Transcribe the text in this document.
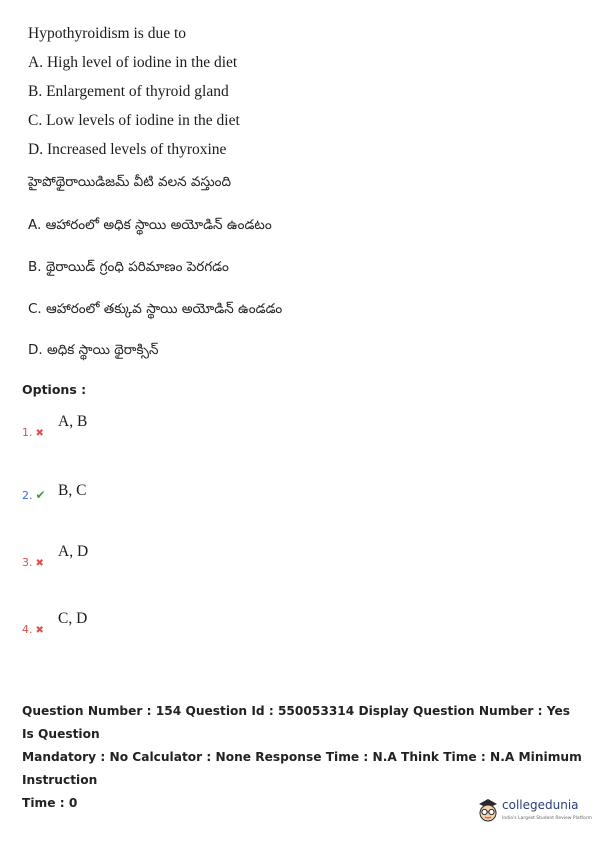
Hypothyroidism is due to
A. High level of iodine in the diet
B. Enlargement of thyroid gland
C. Low levels of iodine in the diet
D. Increased levels of thyroxine
హైపోథైరాయిడిజమ్ వీటి వలన వస్తుంది
A. ఆహారంలో అధిక స్థాయి అయోడిన్ ఉండటం
B. థైరాయిడ్ గ్రంధి పరిమాణం పెరగడం
C. ఆహారంలో తక్కువ స్థాయి అయోడిన్ ఉండడం
D. అధిక స్థాయి థైరాక్సిన్
Options :
1. ✖
A, B
2. ✔ B, C
3. ✖
A, D
4. ✖
C, D
Question Number : 154 Question Id : 550053314 Display Question Number : Yes Is Question
Mandatory : No Calculator : None Response Time : N.A Think Time : N.A Minimum Instruction
Time : 0	collegedunia
India's Largest Student Review Platform
